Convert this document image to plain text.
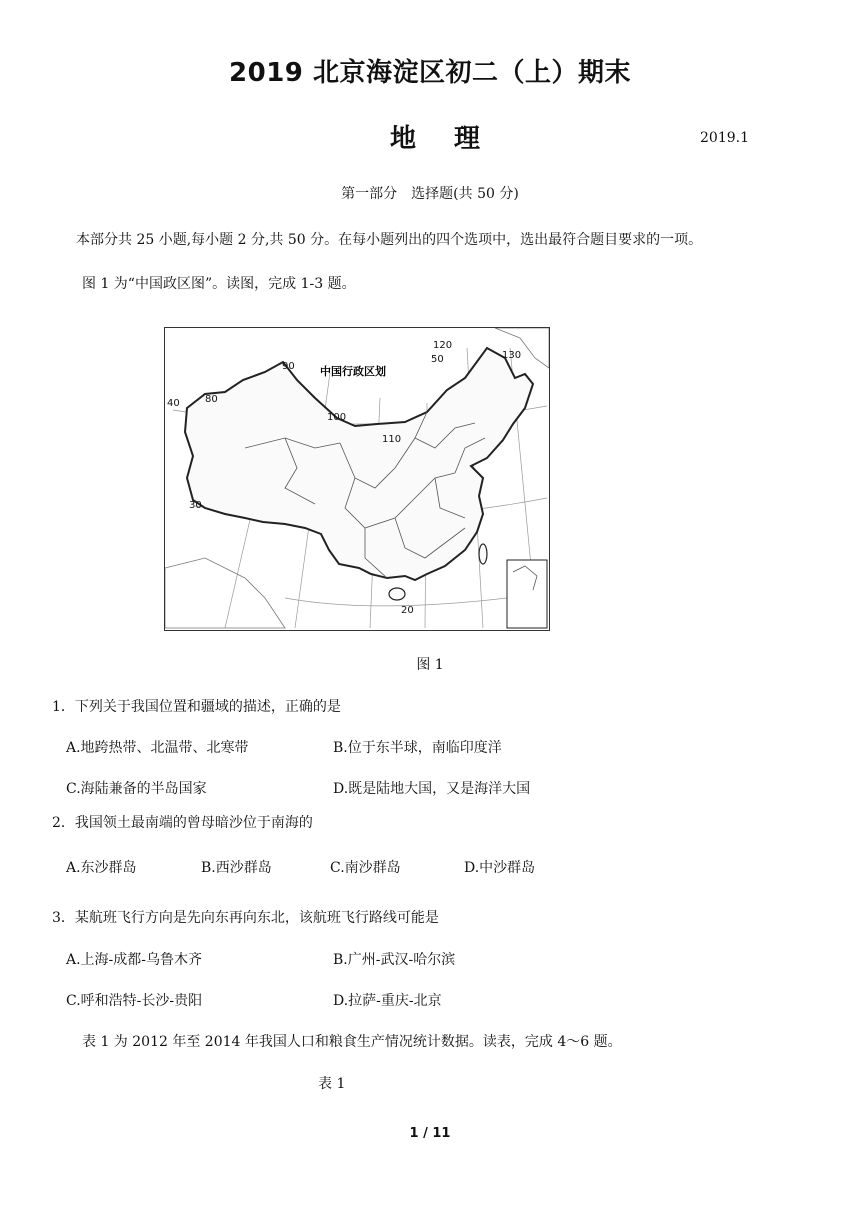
2019 北京海淀区初二（上）期末
地理	2019.1
第一部分 选择题(共 50 分)
本部分共 25 小题,每小题 2 分,共 50 分。在每小题列出的四个选项中，选出最符合题目要求的一项。
图 1 为“中国政区图”。读图，完成 1-3 题。
中国行政区划
40	80
90
100
110
120
130
30
50
20
图 1
1．下列关于我国位置和疆域的描述，正确的是
A.地跨热带、北温带、北寒带	B.位于东半球，南临印度洋
C.海陆兼备的半岛国家	D.既是陆地大国，又是海洋大国
2．我国领土最南端的曾母暗沙位于南海的
A.东沙群岛	B.西沙群岛	C.南沙群岛	D.中沙群岛
3．某航班飞行方向是先向东再向东北，该航班飞行路线可能是
A.上海-成都-乌鲁木齐	B.广州-武汉-哈尔滨
C.呼和浩特-长沙-贵阳	D.拉萨-重庆-北京
表 1 为 2012 年至 2014 年我国人口和粮食生产情况统计数据。读表，完成 4～6 题。
表 1
1 / 11
